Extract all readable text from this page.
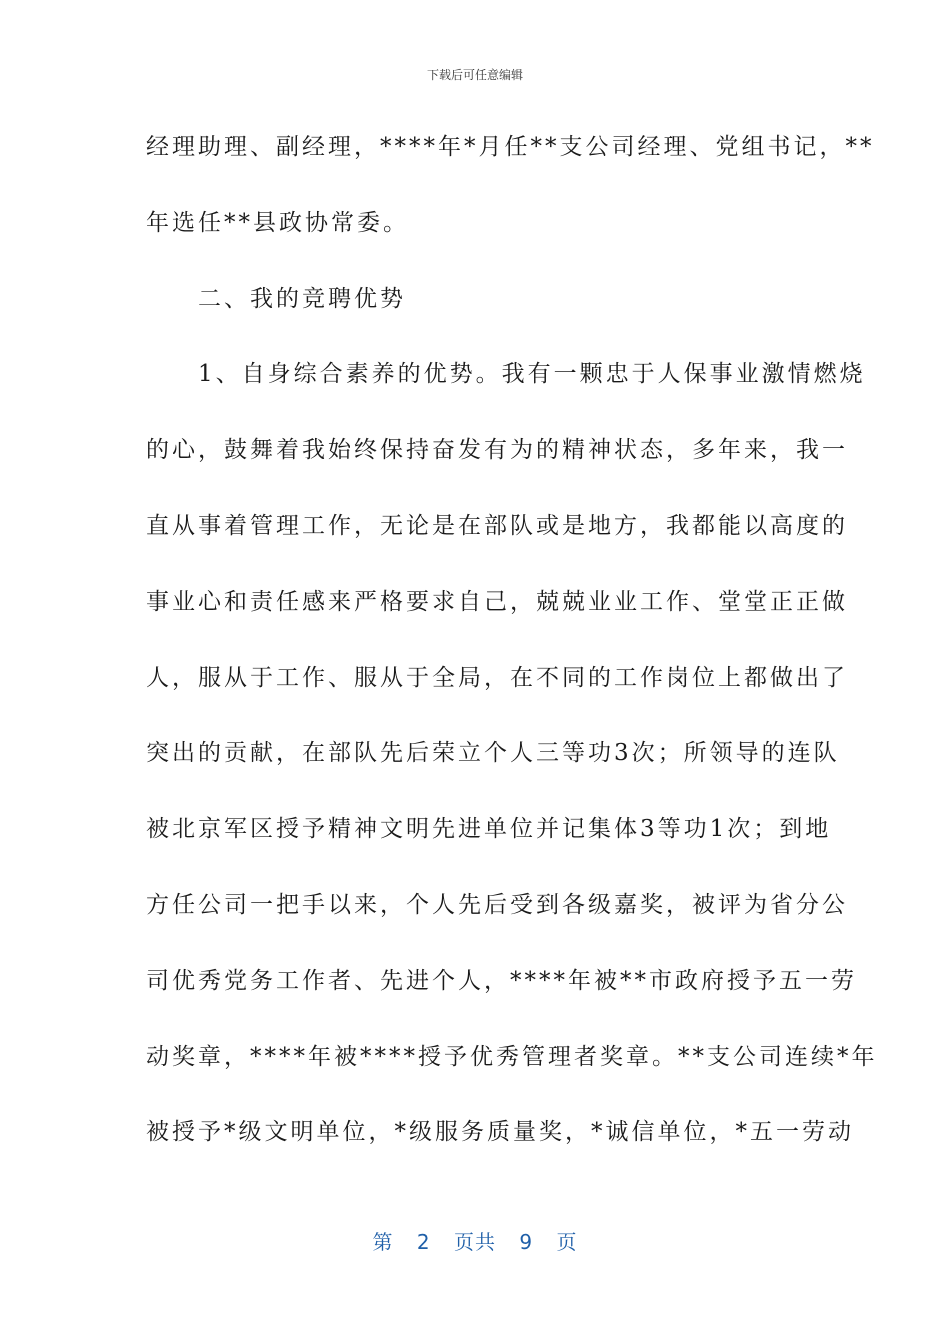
下载后可任意编辑
经理助理、副经理，****年*月任**支公司经理、党组书记，**
年选任**县政协常委。
　　二、我的竞聘优势
　　1、自身综合素养的优势。我有一颗忠于人保事业激情燃烧
的心，鼓舞着我始终保持奋发有为的精神状态，多年来，我一
直从事着管理工作，无论是在部队或是地方，我都能以高度的
事业心和责任感来严格要求自己，兢兢业业工作、堂堂正正做
人，服从于工作、服从于全局，在不同的工作岗位上都做出了
突出的贡献，在部队先后荣立个人三等功3次；所领导的连队
被北京军区授予精神文明先进单位并记集体3等功1次；到地
方任公司一把手以来，个人先后受到各级嘉奖，被评为省分公
司优秀党务工作者、先进个人，****年被**市政府授予五一劳
动奖章，****年被****授予优秀管理者奖章。**支公司连续*年
被授予*级文明单位，*级服务质量奖，*诚信单位，*五一劳动
第 2 页共 9 页
